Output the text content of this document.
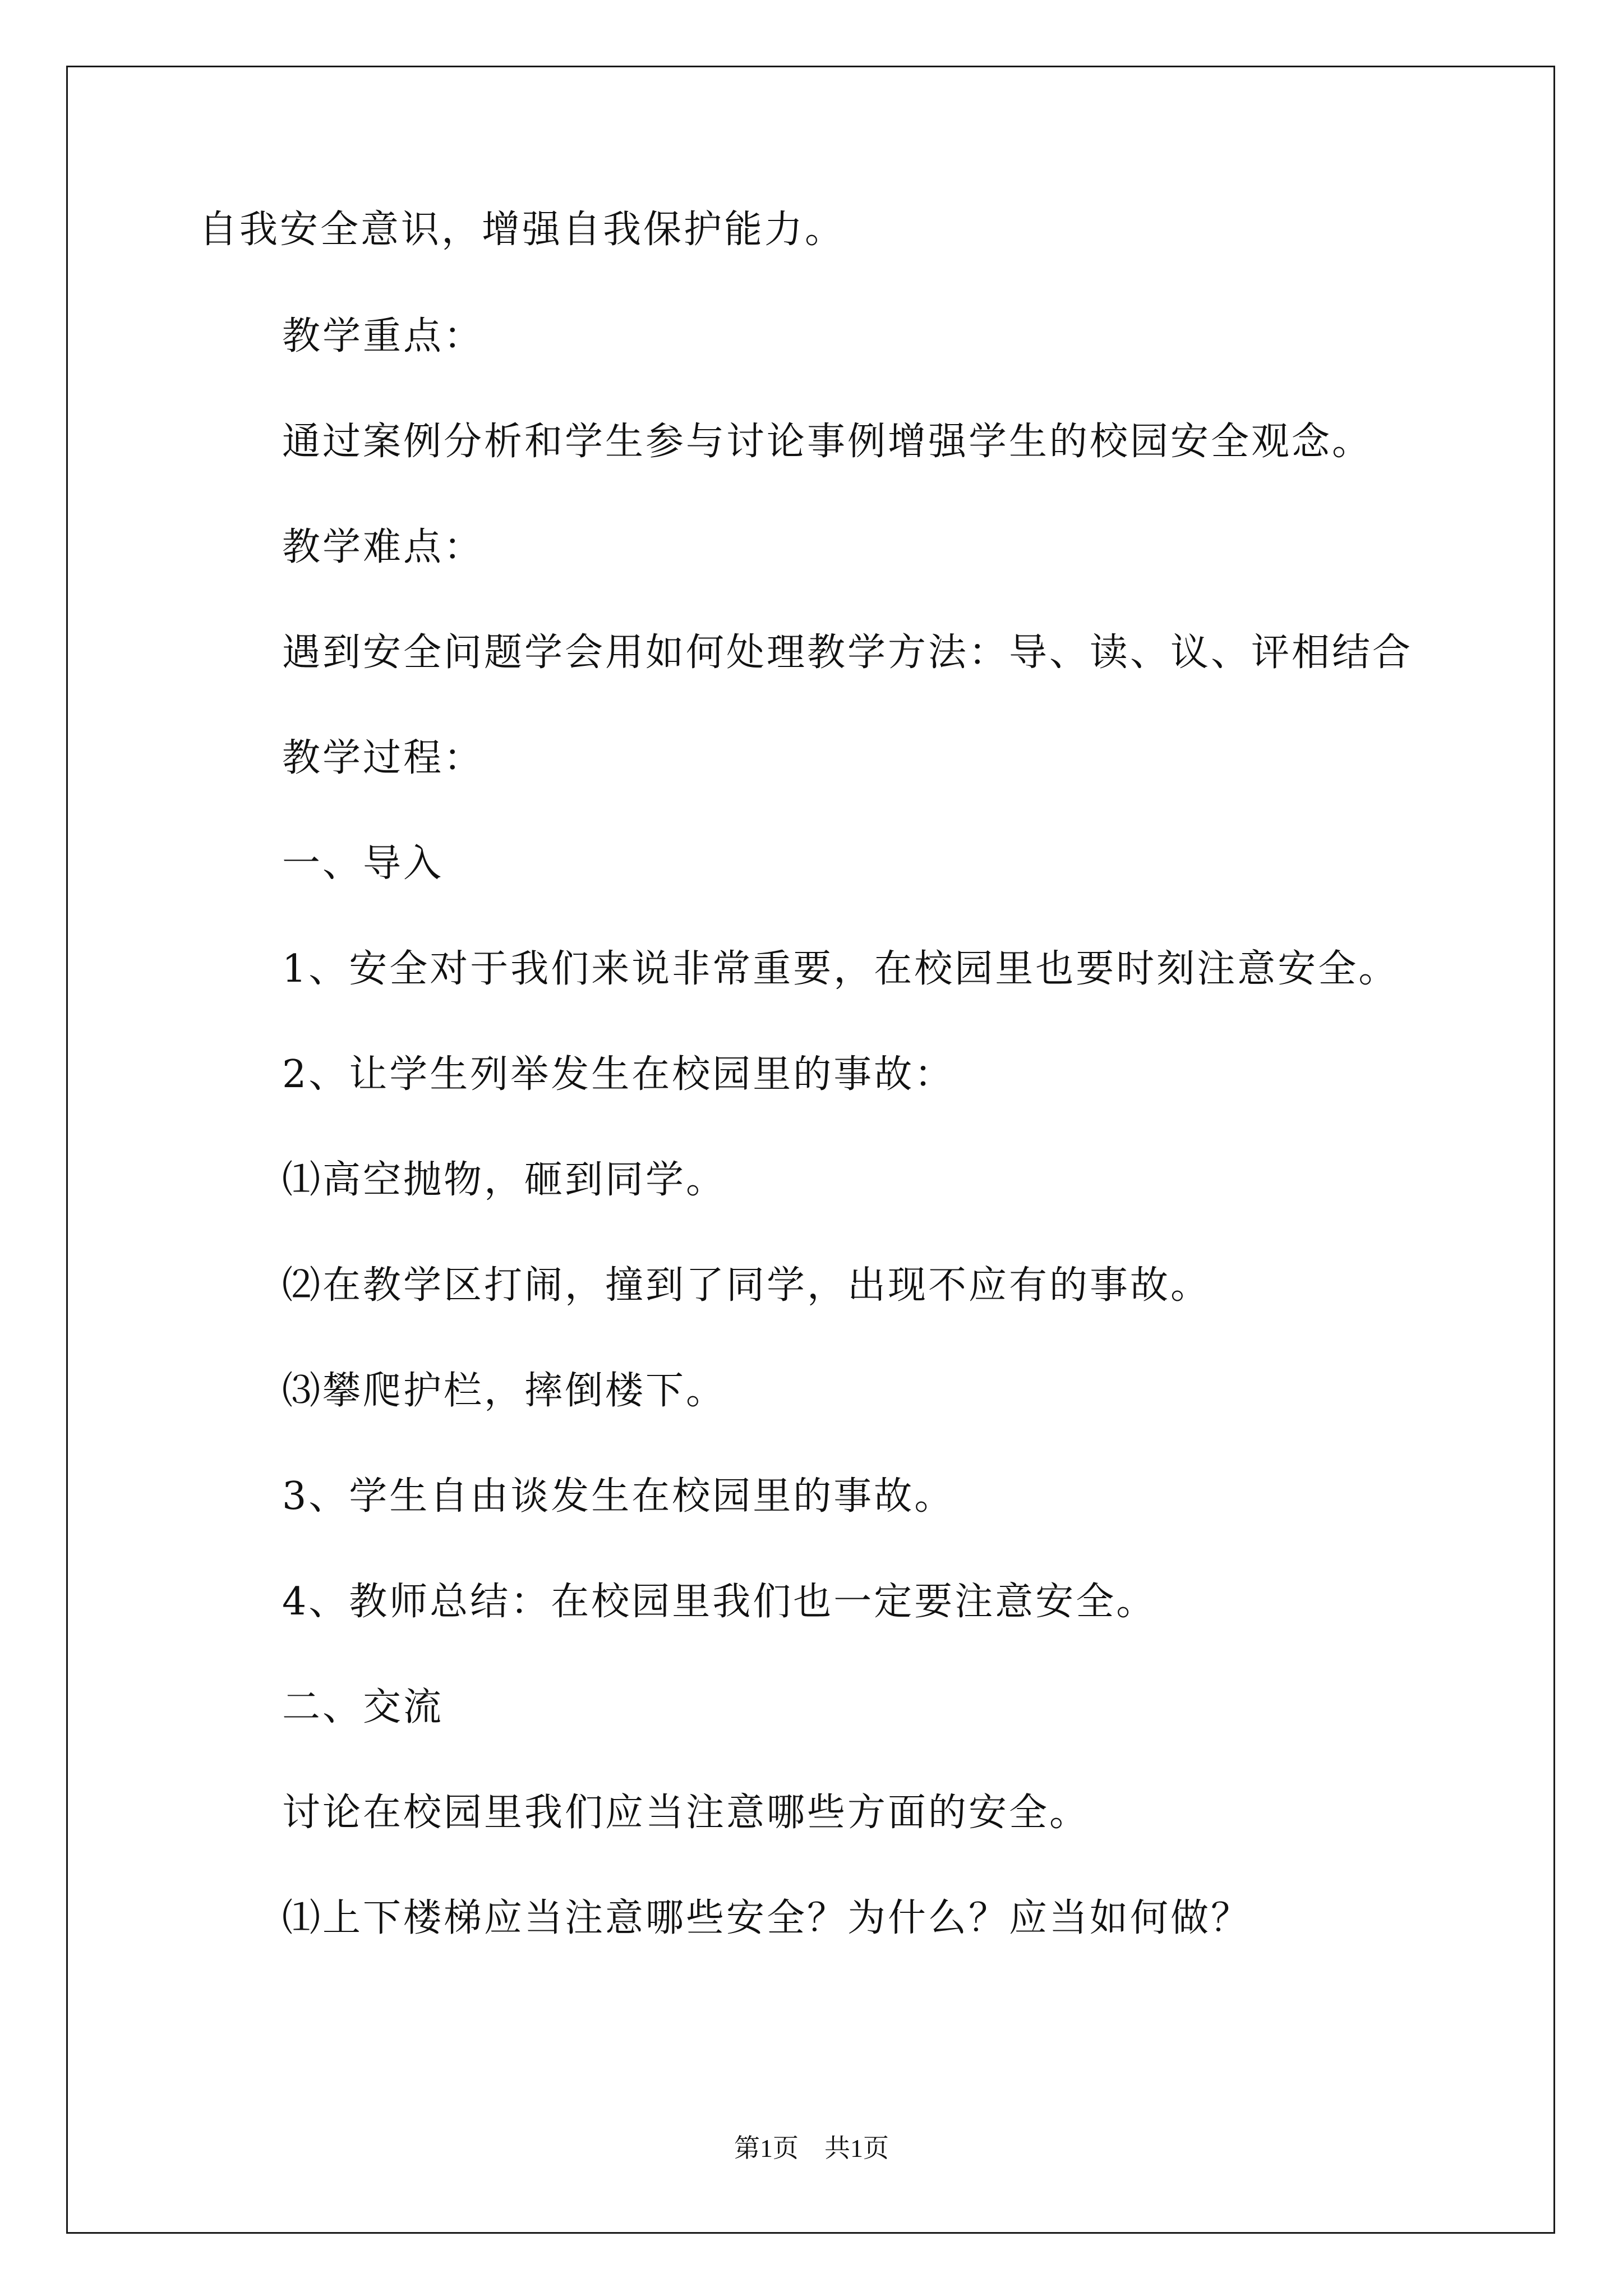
自我安全意识，增强自我保护能力。
教学重点：
通过案例分析和学生参与讨论事例增强学生的校园安全观念。
教学难点：
遇到安全问题学会用如何处理教学方法：导、读、议、评相结合
教学过程：
一、导入
1、安全对于我们来说非常重要，在校园里也要时刻注意安全。
2、让学生列举发生在校园里的事故：
⑴高空抛物，砸到同学。
⑵在教学区打闹，撞到了同学，出现不应有的事故。
⑶攀爬护栏，摔倒楼下。
3、学生自由谈发生在校园里的事故。
4、教师总结：在校园里我们也一定要注意安全。
二、交流
讨论在校园里我们应当注意哪些方面的安全。
⑴上下楼梯应当注意哪些安全？为什么？应当如何做？
第1页　共1页
